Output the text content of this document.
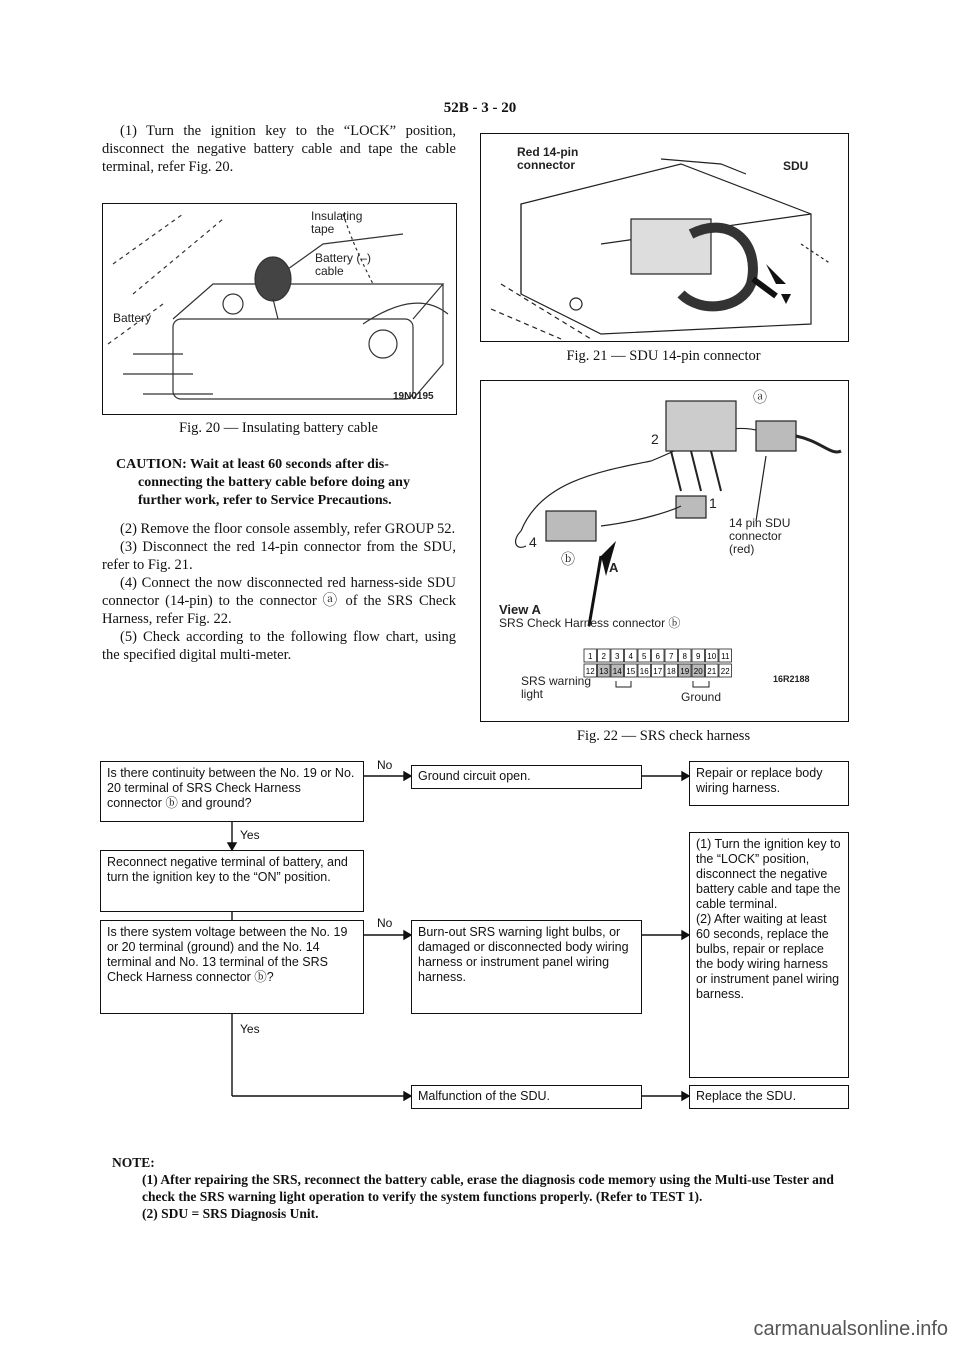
52B - 3 - 20

(1) Turn the ignition key to the “LOCK” position, disconnect the negative battery cable and tape the cable terminal, refer Fig. 20.

Insulating tape
Battery (–) cable
Battery
19N0195
Fig. 20 — Insulating battery cable
CAUTION: Wait at least 60 seconds after dis-
connecting the battery cable before doing any
further work, refer to Service Precautions.

(2) Remove the floor console assembly, refer GROUP 52.

(3) Disconnect the red 14-pin connector from the SDU, refer to Fig. 21.

(4) Connect the now disconnected red harness-side SDU connector (14-pin) to the connector ⓐ of the SRS Check Harness, refer Fig. 22.

(5) Check according to the following flow chart, using the specified digital multi-meter.

Red 14-pin connector	SDU
Fig. 21 — SDU 14-pin connector
1 2 3 4 5 6 7 8 9 10 11
12 13 14 15 16 17 18 19 20 21 22
ⓐ
2
1
4
ⓑ
A
14 pin SDU connector (red)
View A
SRS Check Harness connector ⓑ
SRS warning light	Ground
16R2188
Fig. 22 — SRS check harness
Is there continuity between the No. 19 or No. 20 terminal of SRS Check Harness connector ⓑ and ground?
No
Ground circuit open.	Repair or replace body wiring harness.
Yes
Reconnect negative terminal of battery, and turn the ignition key to the “ON” position.
Is there system voltage between the No. 19 or 20 terminal (ground) and the No. 14 terminal and No. 13 terminal of the SRS Check Harness connector ⓑ?
No
Burn-out SRS warning light bulbs, or damaged or disconnected body wiring harness or instrument panel wiring harness.
(1) Turn the ignition key to the “LOCK” position, disconnect the negative battery cable and tape the cable terminal.
(2) After waiting at least 60 seconds, replace the bulbs, repair or replace the body wiring harness or instrument panel wiring barness.
Yes
Malfunction of the SDU.	Replace the SDU.
NOTE:
(1) After repairing the SRS, reconnect the battery cable, erase the diagnosis code memory using the Multi-use Tester and check the SRS warning light operation to verify the system functions properly. (Refer to TEST 1).
(2) SDU = SRS Diagnosis Unit.
carmanualsonline.info
